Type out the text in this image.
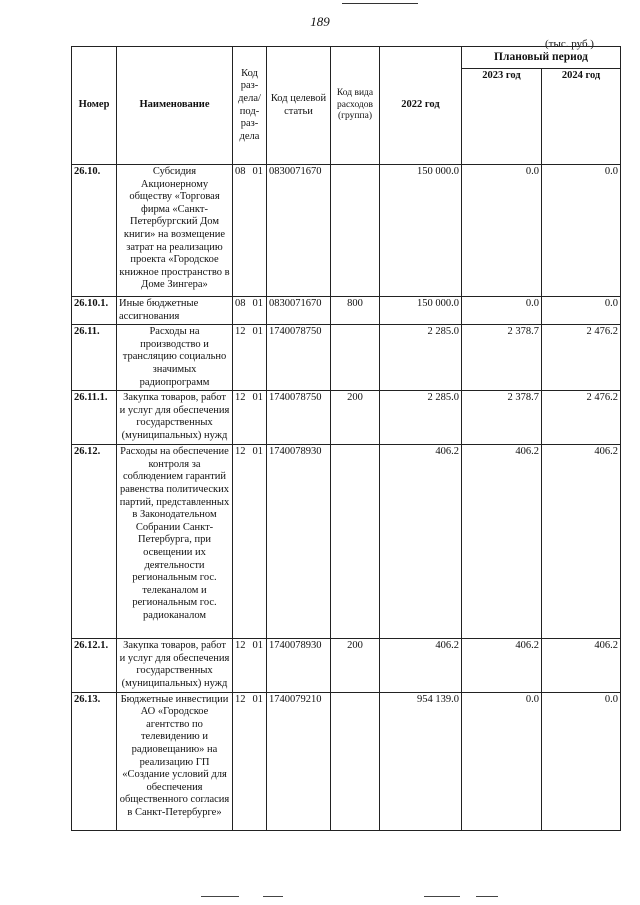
189
(тыс. руб.)
Номер	Наименование	Код раз-дела/ под-раз-дела	Код целевой статьи	Код вида расходов (группа)	2022 год	Плановый период	
						2023 год	2024 год
26.10.	Субсидия Акционерному обществу «Торговая фирма «Санкт-Петербургский Дом книги» на возмещение затрат на реализацию проекта «Городское книжное пространство в Доме Зингера»	08 01	0830071670		150 000.0	0.0	0.0
26.10.1.	Иные бюджетные ассигнования	08 01	0830071670	800	150 000.0	0.0	0.0
26.11.	Расходы на производство и трансляцию социально значимых радиопрограмм	12 01	1740078750		2 285.0	2 378.7	2 476.2
26.11.1.	Закупка товаров, работ и услуг для обеспечения государственных (муниципальных) нужд	12 01	1740078750	200	2 285.0	2 378.7	2 476.2
26.12.	Расходы на обеспечение контроля за соблюдением гарантий равенства политических партий, представленных в Законодательном Собрании Санкт-Петербурга, при освещении их деятельности региональным гос. телеканалом и региональным гос. радиоканалом	12 01	1740078930		406.2	406.2	406.2
26.12.1.	Закупка товаров, работ и услуг для обеспечения государственных (муниципальных) нужд	12 01	1740078930	200	406.2	406.2	406.2
26.13.	Бюджетные инвестиции АО «Городское агентство по телевидению и радиовещанию» на реализацию ГП «Создание условий для обеспечения общественного согласия в Санкт-Петербурге»	12 01	1740079210		954 139.0	0.0	0.0
